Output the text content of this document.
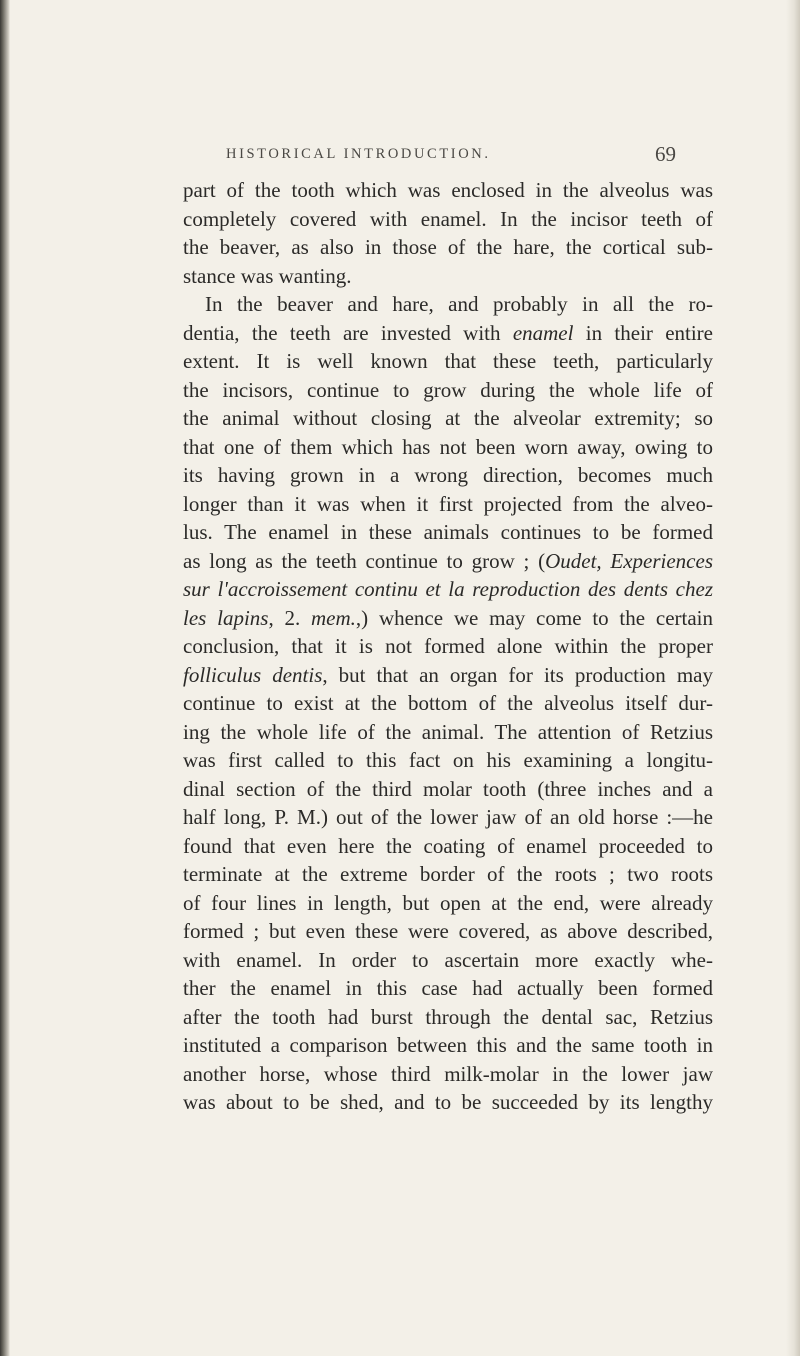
HISTORICAL INTRODUCTION.	69
part of the tooth which was enclosed in the alveolus was
completely covered with enamel. In the incisor teeth of
the beaver, as also in those of the hare, the cortical sub-
stance was wanting.
In the beaver and hare, and probably in all the ro-
dentia, the teeth are invested with enamel in their entire
extent. It is well known that these teeth, particularly
the incisors, continue to grow during the whole life of
the animal without closing at the alveolar extremity; so
that one of them which has not been worn away, owing to
its having grown in a wrong direction, becomes much
longer than it was when it first projected from the alveo-
lus. The enamel in these animals continues to be formed
as long as the teeth continue to grow ; (Oudet, Experiences
sur l'accroissement continu et la reproduction des dents chez
les lapins, 2. mem.,) whence we may come to the certain
conclusion, that it is not formed alone within the proper
folliculus dentis, but that an organ for its production may
continue to exist at the bottom of the alveolus itself dur-
ing the whole life of the animal. The attention of Retzius
was first called to this fact on his examining a longitu-
dinal section of the third molar tooth (three inches and a
half long, P. M.) out of the lower jaw of an old horse :—he
found that even here the coating of enamel proceeded to
terminate at the extreme border of the roots ; two roots
of four lines in length, but open at the end, were already
formed ; but even these were covered, as above described,
with enamel. In order to ascertain more exactly whe-
ther the enamel in this case had actually been formed
after the tooth had burst through the dental sac, Retzius
instituted a comparison between this and the same tooth in
another horse, whose third milk-molar in the lower jaw
was about to be shed, and to be succeeded by its lengthy
